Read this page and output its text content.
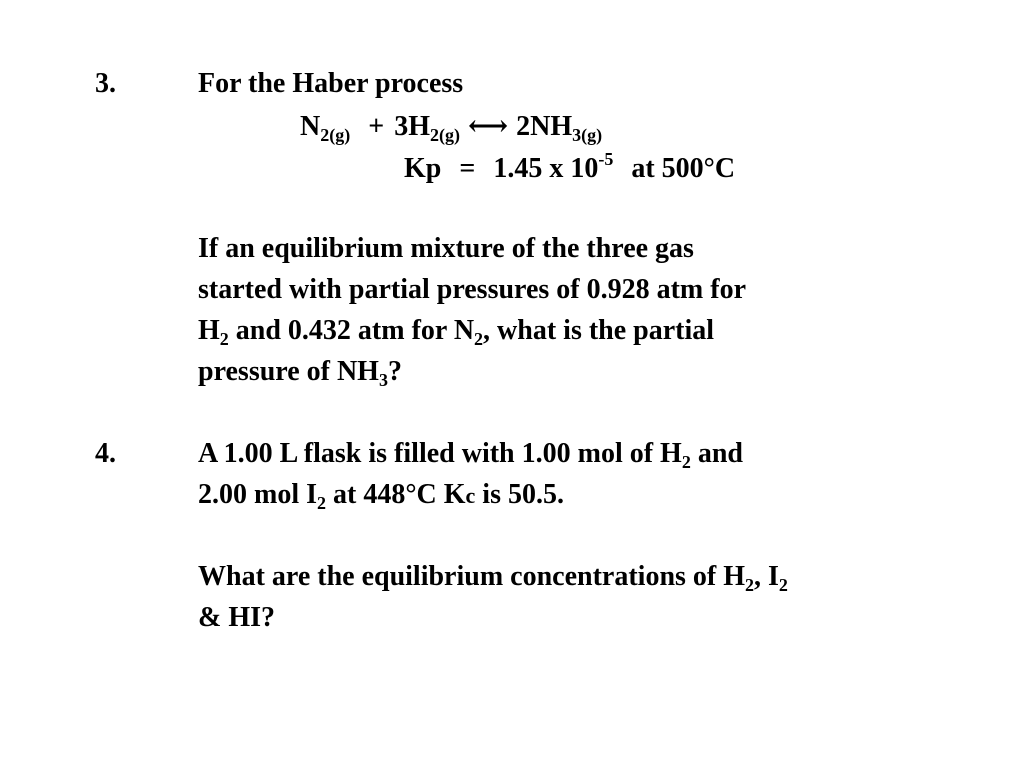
3.	For the Haber process
$N_{2(g)} + 3H_{2(g)}$ ⟷ $2NH_{3(g)}$
Kp = 1.45 x $10^{-5}$ at 500°C
If an equilibrium mixture of the three gas
started with partial pressures of 0.928 atm for
$H_2$ and 0.432 atm for $N_2$, what is the partial
pressure of $NH_3$?
4.	A 1.00 L flask is filled with 1.00 mol of $H_2$ and
2.00 mol $I_2$ at 448°C Kc is 50.5.
What are the equilibrium concentrations of $H_2$, $I_2$
& HI?
